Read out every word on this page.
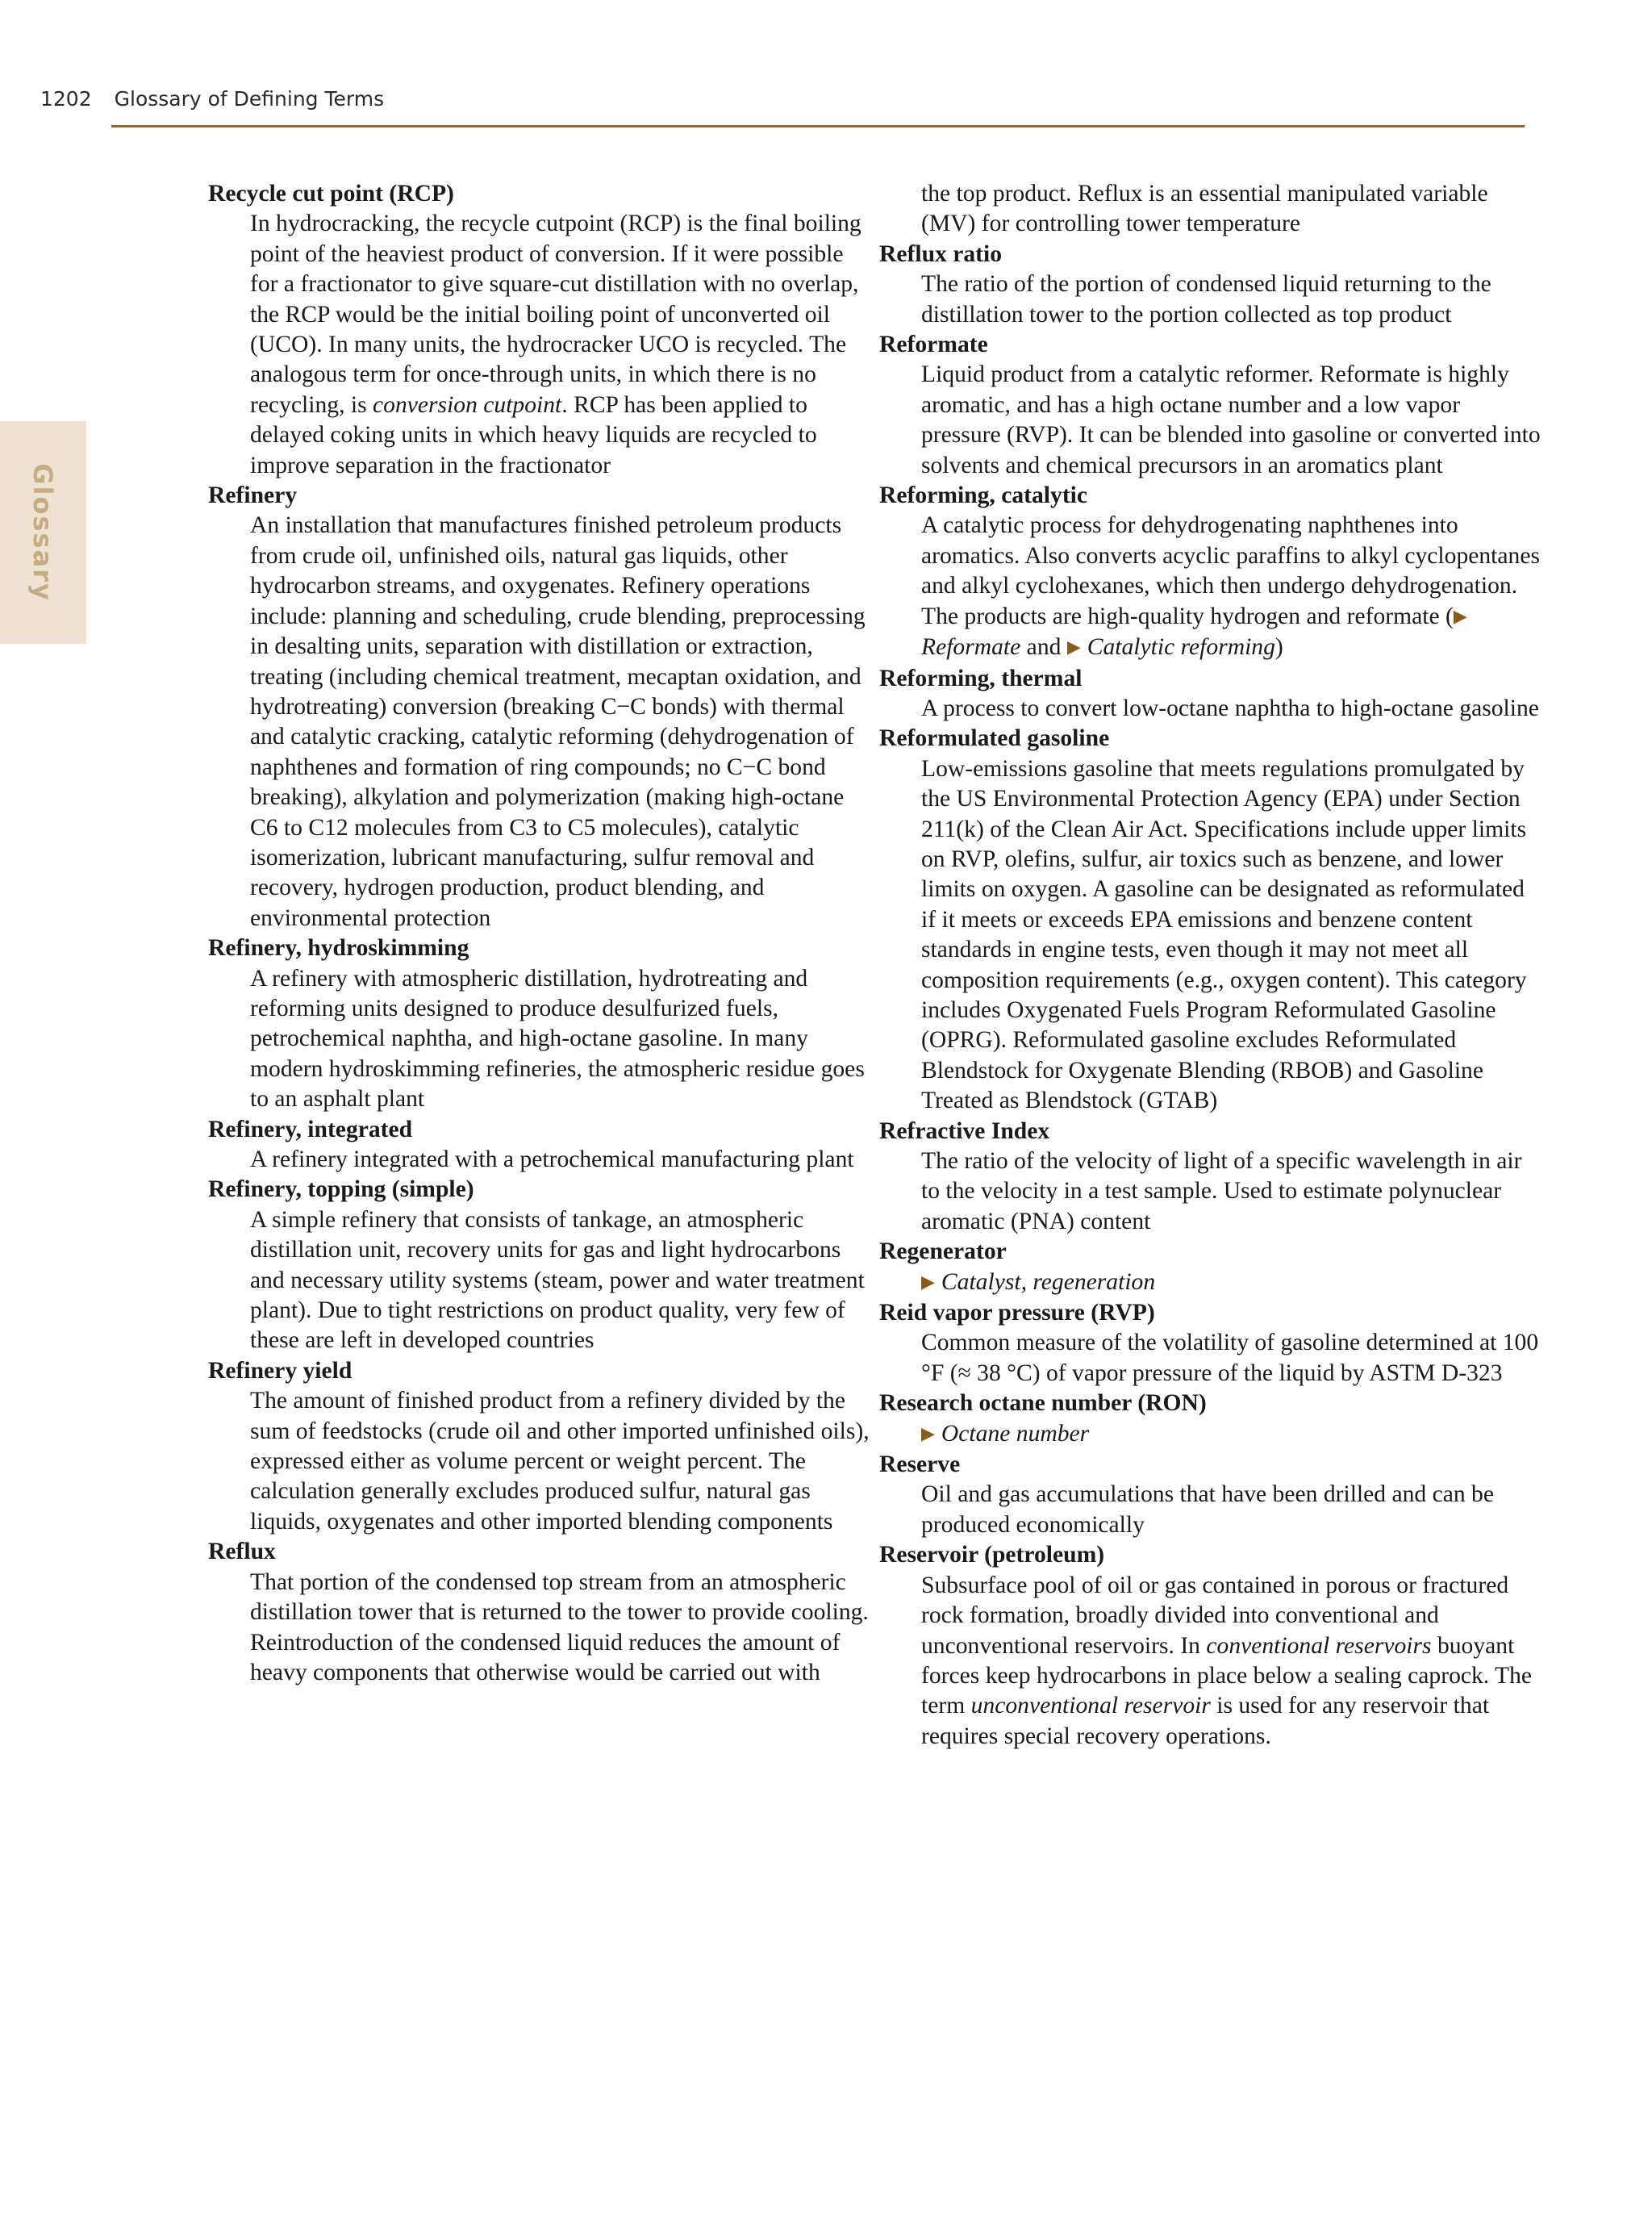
1202 Glossary of Defining Terms
Glossary

Recycle cut point (RCP)

In hydrocracking, the recycle cutpoint (RCP) is the final boiling point of the heaviest product of conversion. If it were possible for a fractionator to give square-cut distillation with no overlap, the RCP would be the initial boiling point of unconverted oil (UCO). In many units, the hydrocracker UCO is recycled. The analogous term for once-through units, in which there is no recycling, is conversion cutpoint. RCP has been applied to delayed coking units in which heavy liquids are recycled to improve separation in the fractionator

Refinery

An installation that manufactures finished petroleum products from crude oil, unfinished oils, natural gas liquids, other hydrocarbon streams, and oxygenates. Refinery operations include: planning and scheduling, crude blending, preprocessing in desalting units, separation with distillation or extraction, treating (including chemical treatment, mecaptan oxidation, and hydrotreating) conversion (breaking C−C bonds) with thermal and catalytic cracking, catalytic reforming (dehydrogenation of naphthenes and formation of ring compounds; no C−C bond breaking), alkylation and polymerization (making high-octane C6 to C12 molecules from C3 to C5 molecules), catalytic isomerization, lubricant manufacturing, sulfur removal and recovery, hydrogen production, product blending, and environmental protection

Refinery, hydroskimming

A refinery with atmospheric distillation, hydrotreating and reforming units designed to produce desulfurized fuels, petrochemical naphtha, and high-octane gasoline. In many modern hydroskimming refineries, the atmospheric residue goes to an asphalt plant

Refinery, integrated

A refinery integrated with a petrochemical manufacturing plant

Refinery, topping (simple)

A simple refinery that consists of tankage, an atmospheric distillation unit, recovery units for gas and light hydrocarbons and necessary utility systems (steam, power and water treatment plant). Due to tight restrictions on product quality, very few of these are left in developed countries

Refinery yield

The amount of finished product from a refinery divided by the sum of feedstocks (crude oil and other imported unfinished oils), expressed either as volume percent or weight percent. The calculation generally excludes produced sulfur, natural gas liquids, oxygenates and other imported blending components

Reflux

That portion of the condensed top stream from an atmospheric distillation tower that is returned to the tower to provide cooling. Reintroduction of the condensed liquid reduces the amount of heavy components that otherwise would be carried out with

the top product. Reflux is an essential manipulated variable (MV) for controlling tower temperature

Reflux ratio

The ratio of the portion of condensed liquid returning to the distillation tower to the portion collected as top product

Reformate

Liquid product from a catalytic reformer. Reformate is highly aromatic, and has a high octane number and a low vapor pressure (RVP). It can be blended into gasoline or converted into solvents and chemical precursors in an aromatics plant

Reforming, catalytic

A catalytic process for dehydrogenating naphthenes into aromatics. Also converts acyclic paraffins to alkyl cyclopentanes and alkyl cyclohexanes, which then undergo dehydrogenation. The products are high-quality hydrogen and reformate (▶Reformate and ▶ Catalytic reforming)

Reforming, thermal

A process to convert low-octane naphtha to high-octane gasoline

Reformulated gasoline

Low-emissions gasoline that meets regulations promulgated by the US Environmental Protection Agency (EPA) under Section 211(k) of the Clean Air Act. Specifications include upper limits on RVP, olefins, sulfur, air toxics such as benzene, and lower limits on oxygen. A gasoline can be designated as reformulated if it meets or exceeds EPA emissions and benzene content standards in engine tests, even though it may not meet all composition requirements (e.g., oxygen content). This category includes Oxygenated Fuels Program Reformulated Gasoline (OPRG). Reformulated gasoline excludes Reformulated Blendstock for Oxygenate Blending (RBOB) and Gasoline Treated as Blendstock (GTAB)

Refractive Index

The ratio of the velocity of light of a specific wavelength in air to the velocity in a test sample. Used to estimate polynuclear aromatic (PNA) content

Regenerator

▶ Catalyst, regeneration

Reid vapor pressure (RVP)

Common measure of the volatility of gasoline determined at 100 °F (≈ 38 °C) of vapor pressure of the liquid by ASTM D-323

Research octane number (RON)

▶ Octane number

Reserve

Oil and gas accumulations that have been drilled and can be produced economically

Reservoir (petroleum)

Subsurface pool of oil or gas contained in porous or fractured rock formation, broadly divided into conventional and unconventional reservoirs. In conventional reservoirs buoyant forces keep hydrocarbons in place below a sealing caprock. The term unconventional reservoir is used for any reservoir that requires special recovery operations.
